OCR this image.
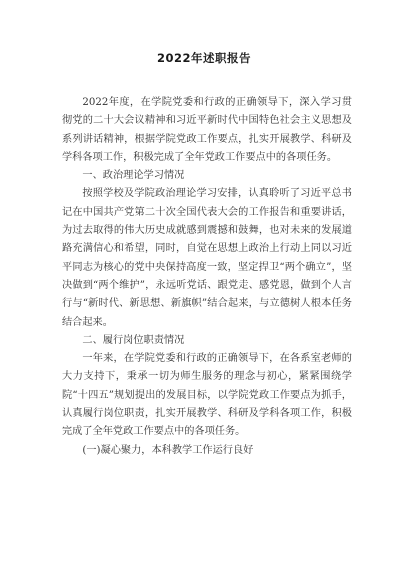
2022年述职报告

2022年度，在学院党委和行政的正确领导下，深入学习贯彻党的二十大会议精神和习近平新时代中国特色社会主义思想及系列讲话精神，根据学院党政工作要点，扎实开展教学、科研及学科各项工作，积极完成了全年党政工作要点中的各项任务。

一、政治理论学习情况

按照学校及学院政治理论学习安排，认真聆听了习近平总书记在中国共产党第二十次全国代表大会的工作报告和重要讲话，为过去取得的伟大历史成就感到震撼和鼓舞，也对未来的发展道路充满信心和希望，同时，自觉在思想上政治上行动上同以习近平同志为核心的党中央保持高度一致，坚定捍卫“两个确立”，坚决做到“两个维护”，永远听党话、跟党走、感党恩，做到个人言行与“新时代、新思想、新旗帜”结合起来，与立德树人根本任务结合起来。

二、履行岗位职责情况

一年来，在学院党委和行政的正确领导下，在各系室老师的大力支持下，秉承一切为师生服务的理念与初心，紧紧围绕学院“十四五”规划提出的发展目标，以学院党政工作要点为抓手，认真履行岗位职责，扎实开展教学、科研及学科各项工作，积极完成了全年党政工作要点中的各项任务。

(一)凝心聚力，本科教学工作运行良好
